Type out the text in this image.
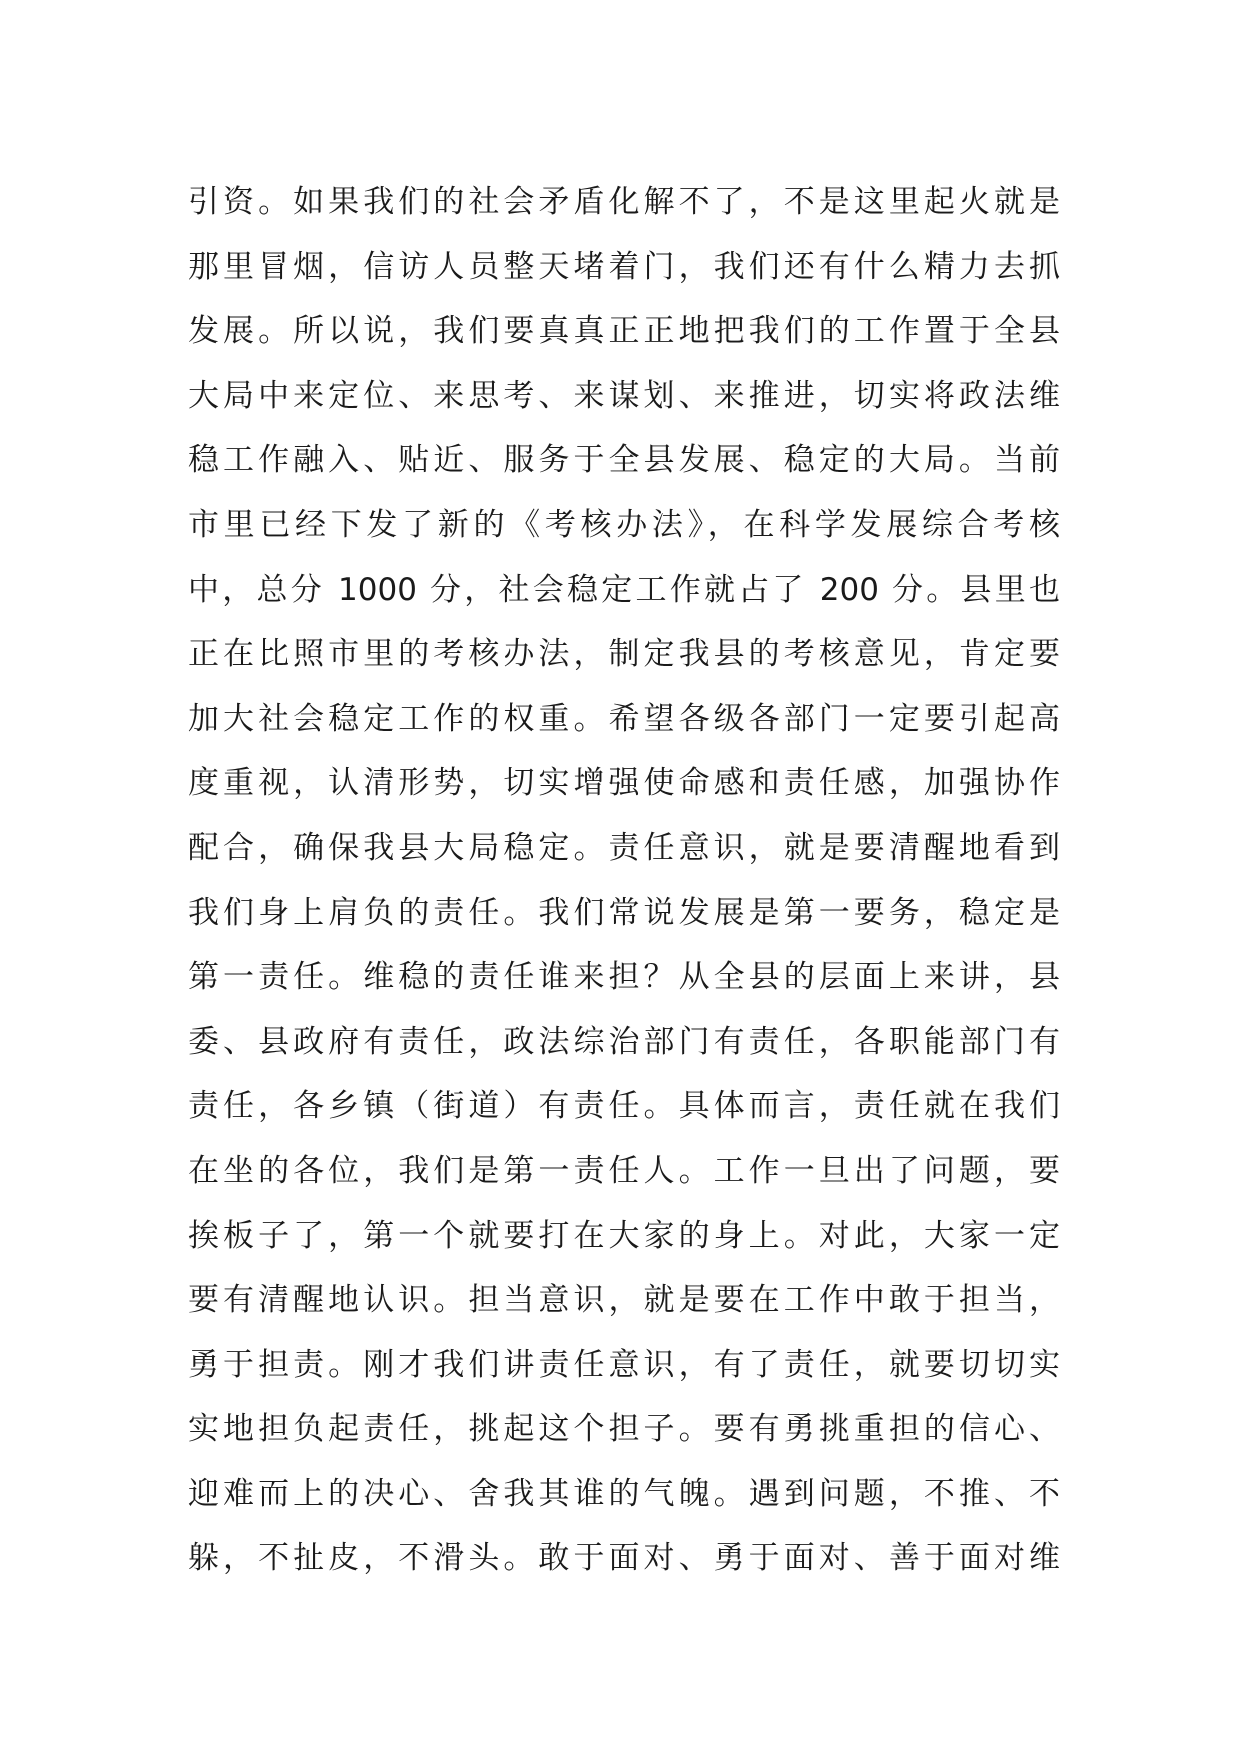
引资。如果我们的社会矛盾化解不了，不是这里起火就是
那里冒烟，信访人员整天堵着门，我们还有什么精力去抓
发展。所以说，我们要真真正正地把我们的工作置于全县
大局中来定位、来思考、来谋划、来推进，切实将政法维
稳工作融入、贴近、服务于全县发展、稳定的大局。当前
市里已经下发了新的《考核办法》，在科学发展综合考核
中，总分 1000 分，社会稳定工作就占了 200 分。县里也
正在比照市里的考核办法，制定我县的考核意见，肯定要
加大社会稳定工作的权重。希望各级各部门一定要引起高
度重视，认清形势，切实增强使命感和责任感，加强协作
配合，确保我县大局稳定。责任意识，就是要清醒地看到
我们身上肩负的责任。我们常说发展是第一要务，稳定是
第一责任。维稳的责任谁来担？从全县的层面上来讲，县
委、县政府有责任，政法综治部门有责任，各职能部门有
责任，各乡镇（街道）有责任。具体而言，责任就在我们
在坐的各位，我们是第一责任人。工作一旦出了问题，要
挨板子了，第一个就要打在大家的身上。对此，大家一定
要有清醒地认识。担当意识，就是要在工作中敢于担当，
勇于担责。刚才我们讲责任意识，有了责任，就要切切实
实地担负起责任，挑起这个担子。要有勇挑重担的信心、
迎难而上的决心、舍我其谁的气魄。遇到问题，不推、不
躲，不扯皮，不滑头。敢于面对、勇于面对、善于面对维
